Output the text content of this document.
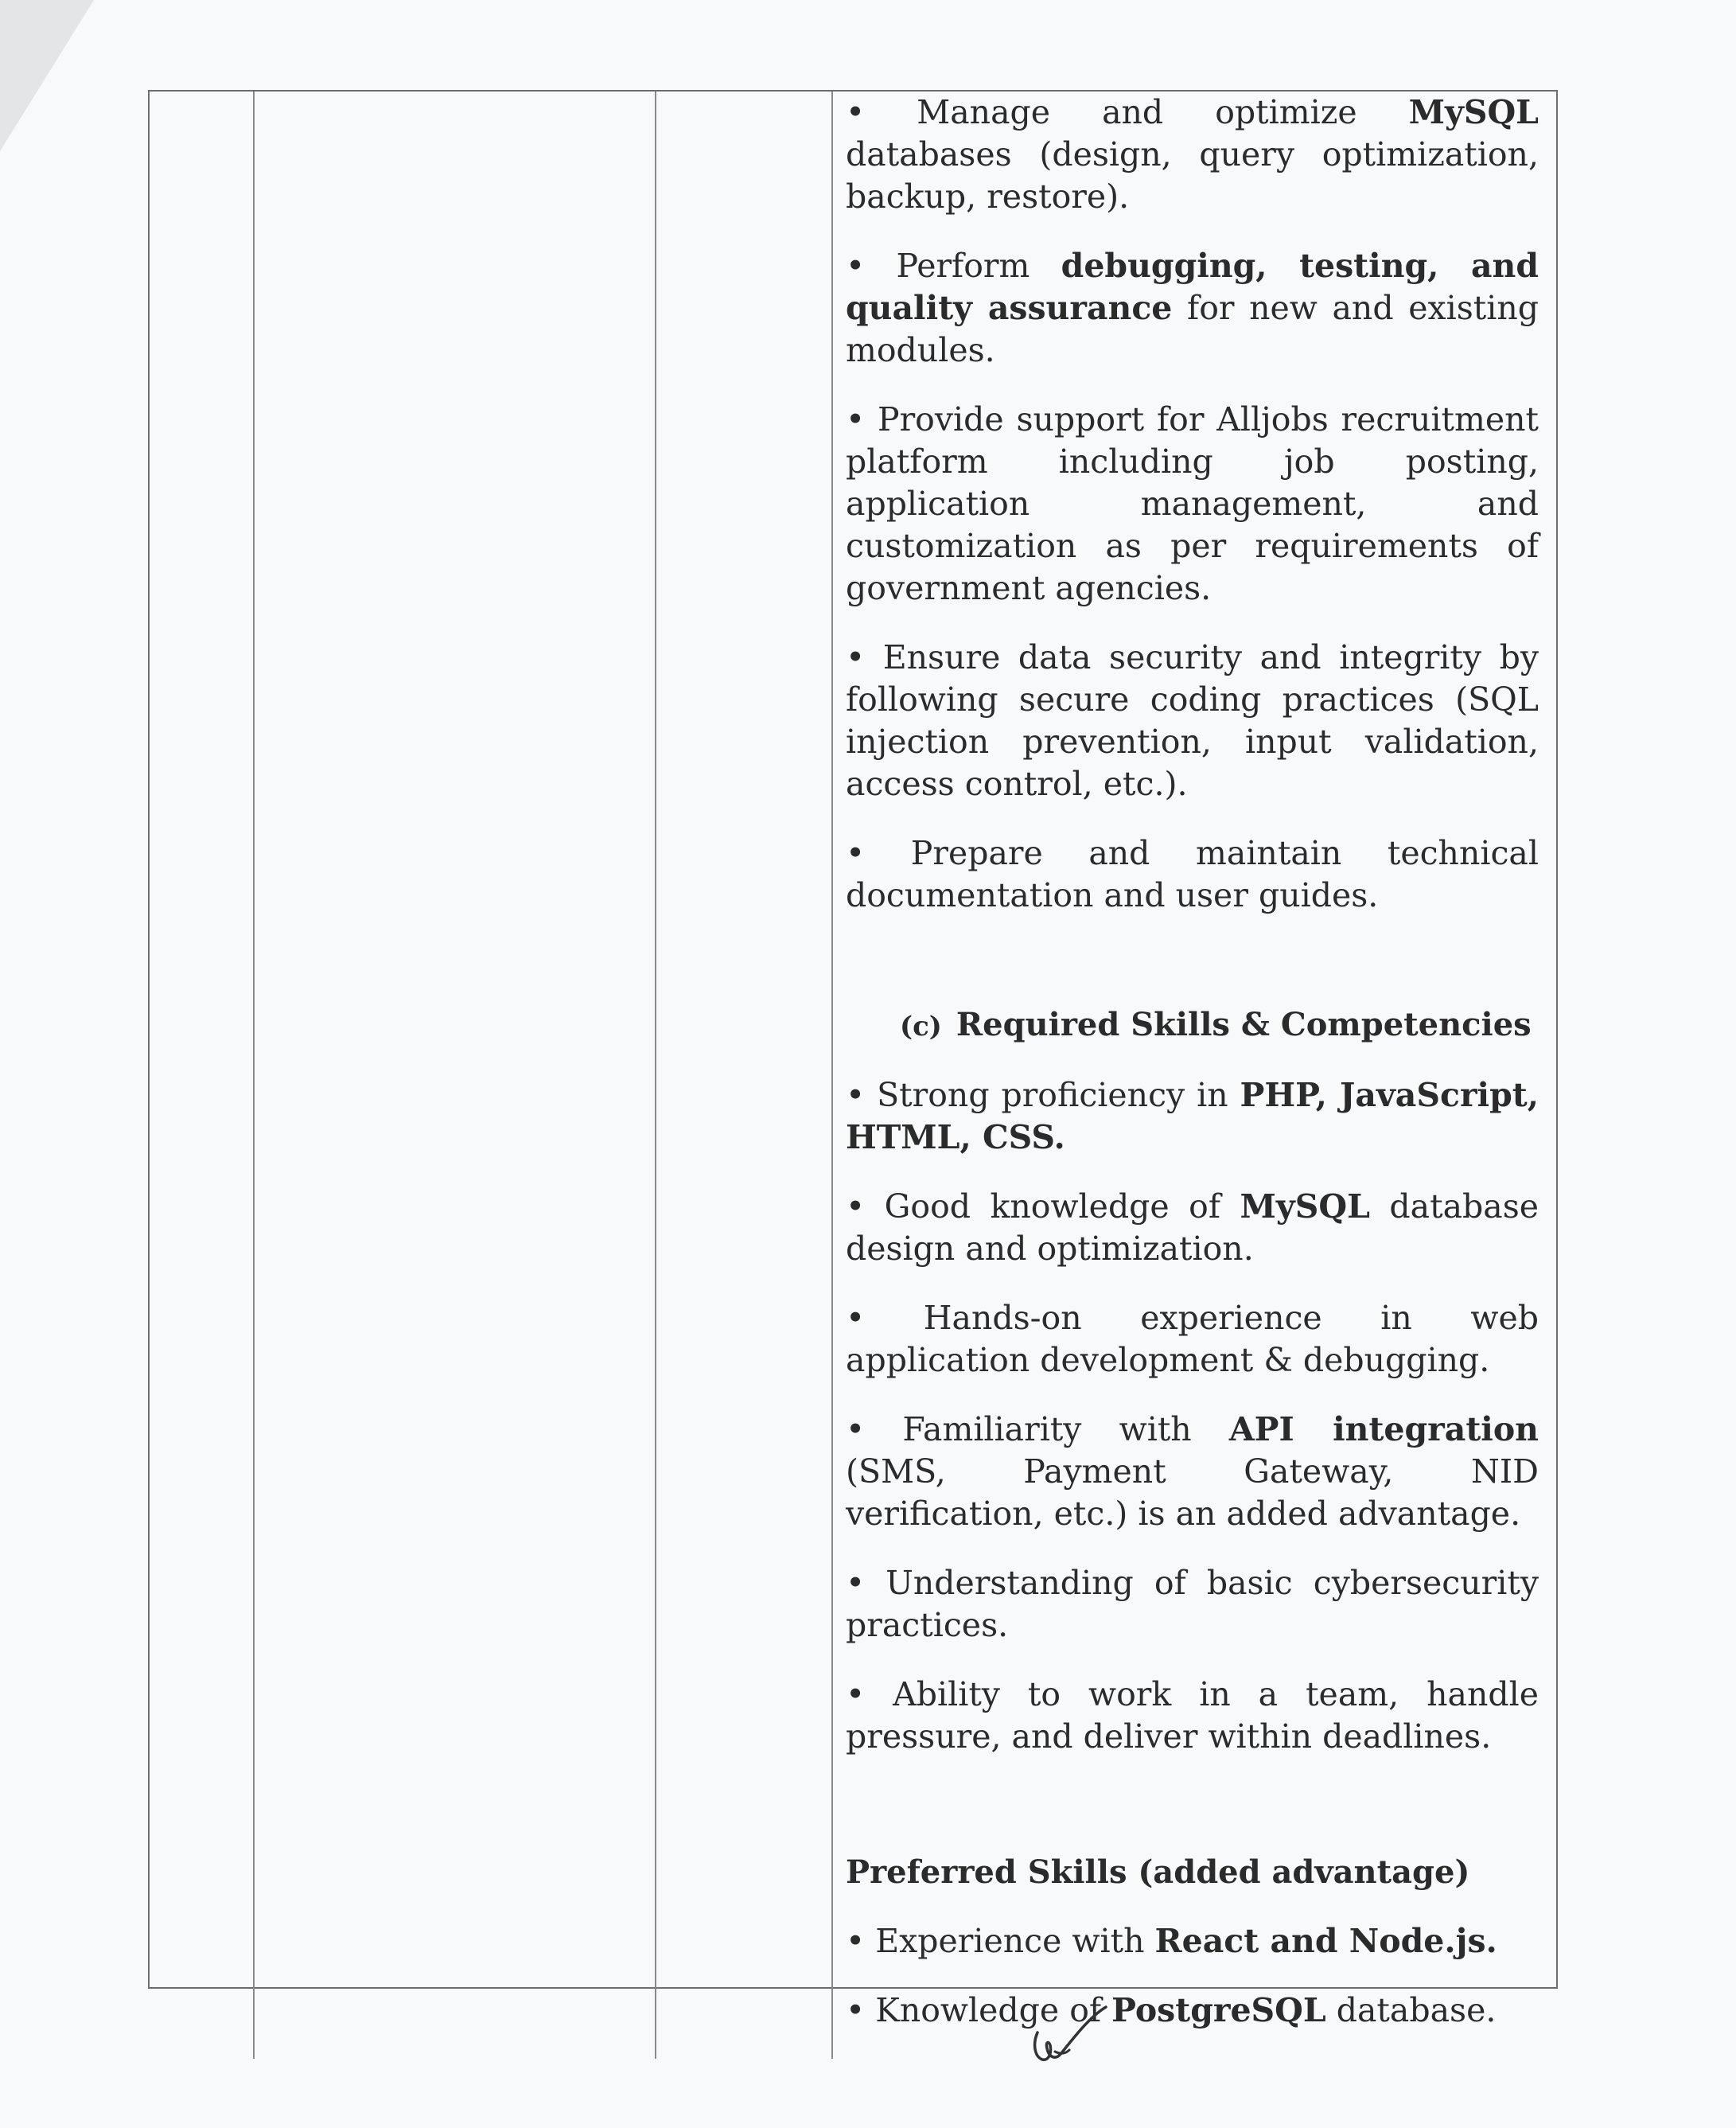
• Manage and optimize MySQL databases (design, query optimization, backup, restore).

• Perform debugging, testing, and quality assurance for new and existing modules.

• Provide support for Alljobs recruitment platform including job posting, application management, and customization as per requirements of government agencies.

• Ensure data security and integrity by following secure coding practices (SQL injection prevention, input validation, access control, etc.).

• Prepare and maintain technical documentation and user guides.

(c) Required Skills & Competencies

• Strong proficiency in PHP, JavaScript, HTML, CSS.

• Good knowledge of MySQL database design and optimization.

• Hands-on experience in web application development & debugging.

• Familiarity with API integration (SMS, Payment Gateway, NID verification, etc.) is an added advantage.

• Understanding of basic cybersecurity practices.

• Ability to work in a team, handle pressure, and deliver within deadlines.

Preferred Skills (added advantage)

• Experience with React and Node.js.

• Knowledge of PostgreSQL database.
